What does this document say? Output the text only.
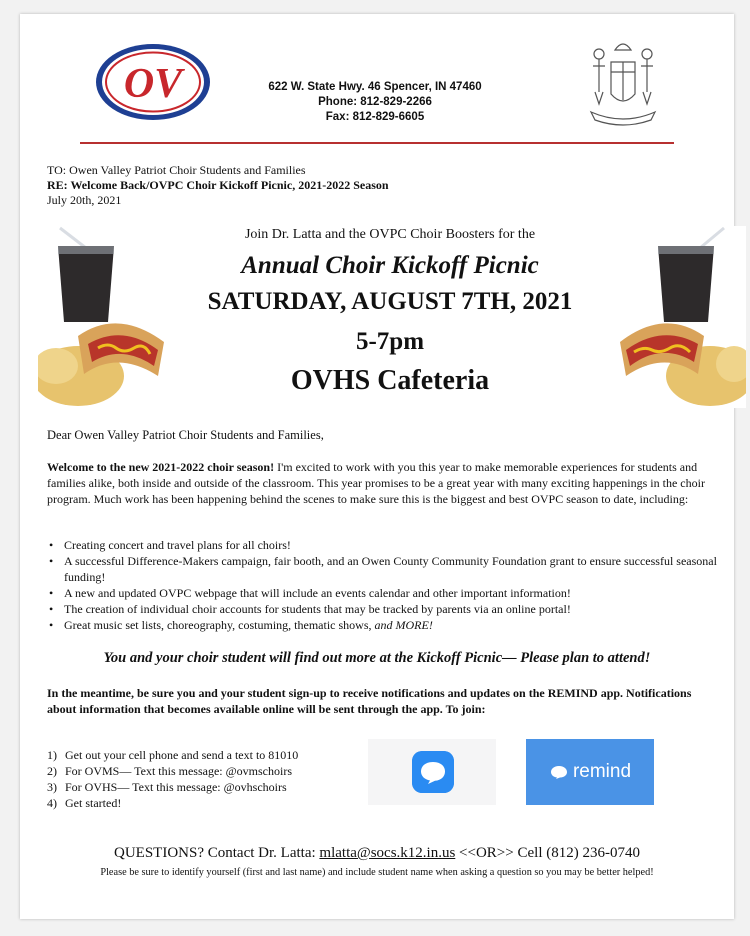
OV	622 W. State Hwy. 46 Spencer, IN 47460
Phone: 812-829-2266
Fax: 812-829-6605
TO: Owen Valley Patriot Choir Students and Families
RE: Welcome Back/OVPC Choir Kickoff Picnic, 2021-2022 Season
July 20th, 2021
Join Dr. Latta and the OVPC Choir Boosters for the
Annual Choir Kickoff Picnic
SATURDAY, AUGUST 7TH, 2021
5-7pm
OVHS Cafeteria
Dear Owen Valley Patriot Choir Students and Families,
Welcome to the new 2021-2022 choir season! I'm excited to work with you this year to make memorable experiences for students and families alike, both inside and outside of the classroom. This year promises to be a great year with many exciting happenings in the choir program. Much work has been happening behind the scenes to make sure this is the biggest and best OVPC season to date, including:
• Creating concert and travel plans for all choirs!
• A successful Difference-Makers campaign, fair booth, and an Owen County Community Foundation grant to ensure successful seasonal funding!
• A new and updated OVPC webpage that will include an events calendar and other important information!
• The creation of individual choir accounts for students that may be tracked by parents via an online portal!
• Great music set lists, choreography, costuming, thematic shows, and MORE!
You and your choir student will find out more at the Kickoff Picnic— Please plan to attend!
In the meantime, be sure you and your student sign-up to receive notifications and updates on the REMIND app. Notifications about information that becomes available online will be sent through the app. To join:
1) Get out your cell phone and send a text to 81010
2) For OVMS— Text this message: @ovmschoirs
3) For OVHS— Text this message: @ovhschoirs
4) Get started!
remind
QUESTIONS? Contact Dr. Latta: mlatta@socs.k12.in.us <<OR>> Cell (812) 236-0740
Please be sure to identify yourself (first and last name) and include student name when asking a question so you may be better helped!
